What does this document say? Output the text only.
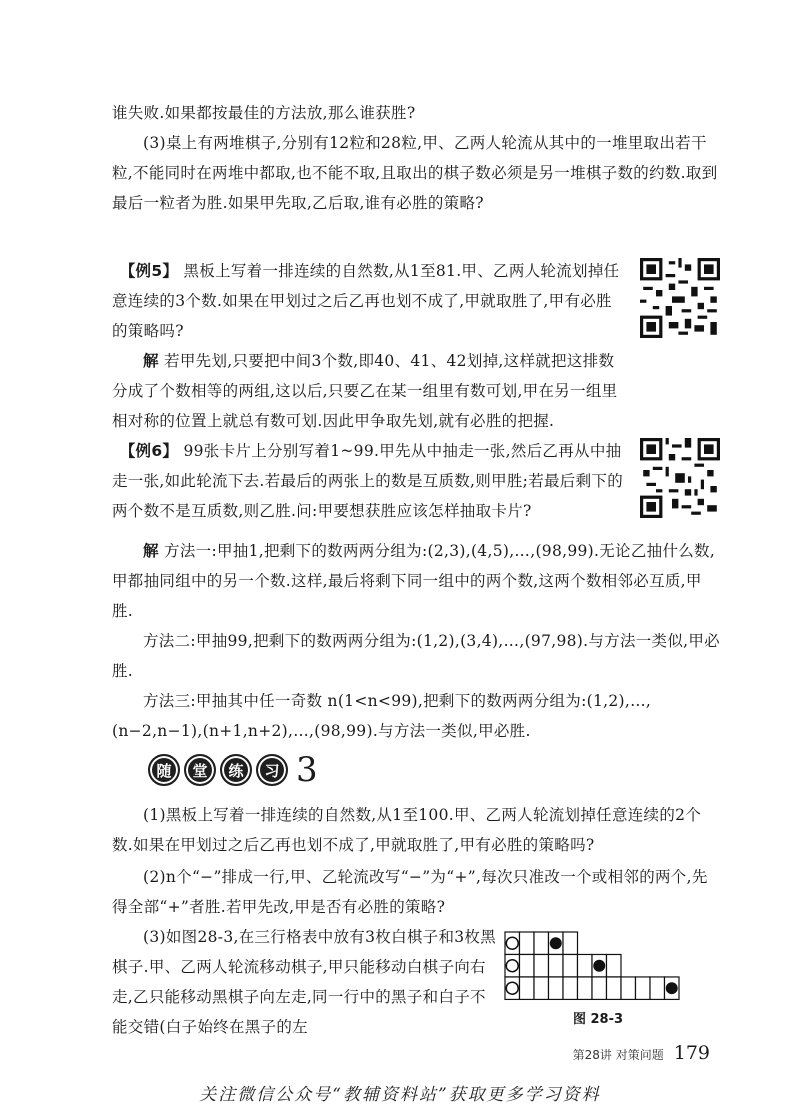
谁失败.如果都按最佳的方法放,那么谁获胜?

(3)桌上有两堆棋子,分别有12粒和28粒,甲、乙两人轮流从其中的一堆里取出若干粒,不能同时在两堆中都取,也不能不取,且取出的棋子数必须是另一堆棋子数的约数.取到最后一粒者为胜.如果甲先取,乙后取,谁有必胜的策略?

【例5】 黑板上写着一排连续的自然数,从1至81.甲、乙两人轮流划掉任意连续的3个数.如果在甲划过之后乙再也划不成了,甲就取胜了,甲有必胜的策略吗?

解 若甲先划,只要把中间3个数,即40、41、42划掉,这样就把这排数分成了个数相等的两组,这以后,只要乙在某一组里有数可划,甲在另一组里相对称的位置上就总有数可划.因此甲争取先划,就有必胜的把握.

【例6】 99张卡片上分别写着1~99.甲先从中抽走一张,然后乙再从中抽走一张,如此轮流下去.若最后的两张上的数是互质数,则甲胜;若最后剩下的两个数不是互质数,则乙胜.问:甲要想获胜应该怎样抽取卡片?

解 方法一:甲抽1,把剩下的数两两分组为:(2,3),(4,5),…,(98,99).无论乙抽什么数,甲都抽同组中的另一个数.这样,最后将剩下同一组中的两个数,这两个数相邻必互质,甲胜.

方法二:甲抽99,把剩下的数两两分组为:(1,2),(3,4),…,(97,98).与方法一类似,甲必胜.

方法三:甲抽其中任一奇数 n(1<n<99),把剩下的数两两分组为:(1,2),…,(n−2,n−1),(n+1,n+2),…,(98,99).与方法一类似,甲必胜.

随	堂	练	习 3

(1)黑板上写着一排连续的自然数,从1至100.甲、乙两人轮流划掉任意连续的2个数.如果在甲划过之后乙再也划不成了,甲就取胜了,甲有必胜的策略吗?

(2)n个“−”排成一行,甲、乙轮流改写“−”为“+”,每次只准改一个或相邻的两个,先得全部“+”者胜.若甲先改,甲是否有必胜的策略?

(3)如图28-3,在三行格表中放有3枚白棋子和3枚黑棋子.甲、乙两人轮流移动棋子,甲只能移动白棋子向右走,乙只能移动黑棋子向左走,同一行中的黑子和白子不能交错(白子始终在黑子的左	图 28-3
第28讲 对策问题 179
关注微信公众号“教辅资料站”获取更多学习资料
